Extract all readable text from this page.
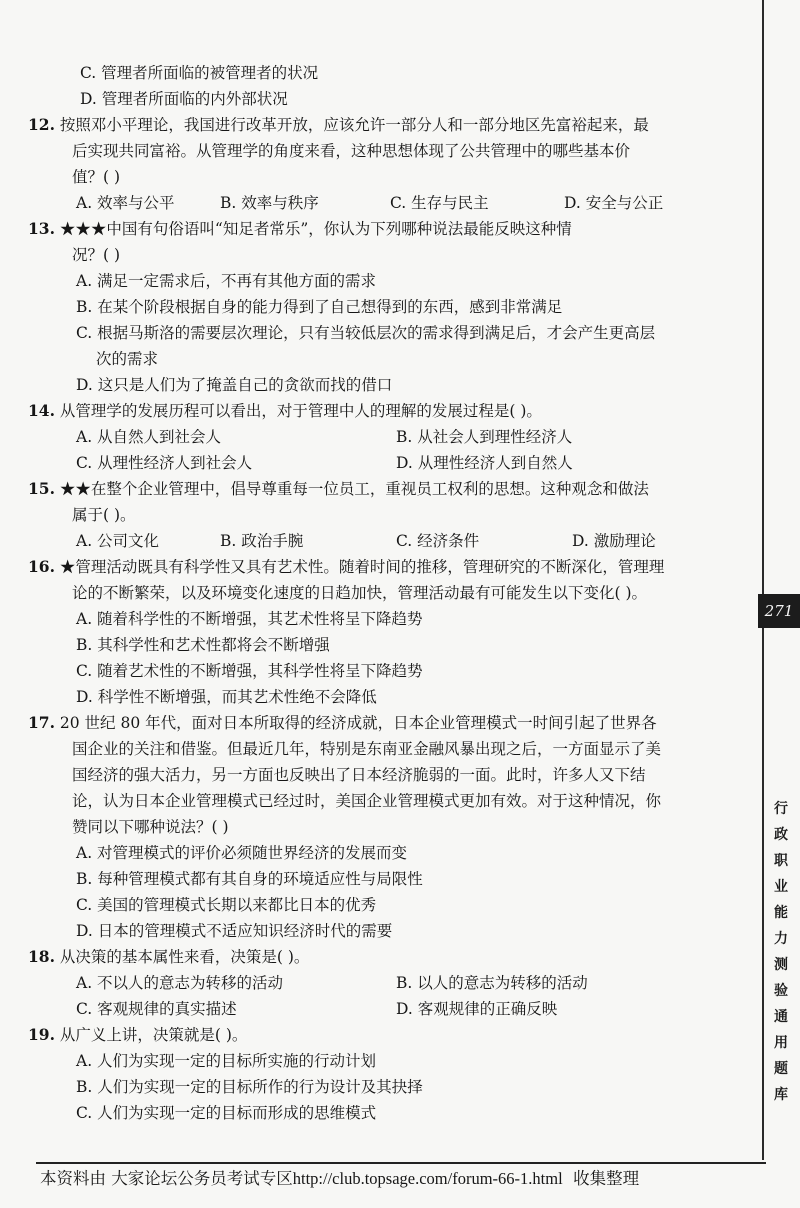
C. 管理者所面临的被管理者的状况
D. 管理者所面临的内外部状况
12. 按照邓小平理论，我国进行改革开放，应该允许一部分人和一部分地区先富裕起来，最
后实现共同富裕。从管理学的角度来看，这种思想体现了公共管理中的哪些基本价
值？( )
A. 效率与公平	B. 效率与秩序	C. 生存与民主	D. 安全与公正
13. ★★★中国有句俗语叫“知足者常乐”，你认为下列哪种说法最能反映这种情
况？( )
A. 满足一定需求后，不再有其他方面的需求
B. 在某个阶段根据自身的能力得到了自己想得到的东西，感到非常满足
C. 根据马斯洛的需要层次理论，只有当较低层次的需求得到满足后，才会产生更高层
次的需求
D. 这只是人们为了掩盖自己的贪欲而找的借口
14. 从管理学的发展历程可以看出，对于管理中人的理解的发展过程是( )。
A. 从自然人到社会人	B. 从社会人到理性经济人
C. 从理性经济人到社会人	D. 从理性经济人到自然人
15. ★★在整个企业管理中，倡导尊重每一位员工，重视员工权利的思想。这种观念和做法
属于( )。
A. 公司文化	B. 政治手腕	C. 经济条件	D. 激励理论
16. ★管理活动既具有科学性又具有艺术性。随着时间的推移，管理研究的不断深化，管理理
论的不断繁荣，以及环境变化速度的日趋加快，管理活动最有可能发生以下变化( )。
A. 随着科学性的不断增强，其艺术性将呈下降趋势
B. 其科学性和艺术性都将会不断增强
C. 随着艺术性的不断增强，其科学性将呈下降趋势
D. 科学性不断增强，而其艺术性绝不会降低
17. 20 世纪 80 年代，面对日本所取得的经济成就，日本企业管理模式一时间引起了世界各
国企业的关注和借鉴。但最近几年，特别是东南亚金融风暴出现之后，一方面显示了美
国经济的强大活力，另一方面也反映出了日本经济脆弱的一面。此时，许多人又下结
论，认为日本企业管理模式已经过时，美国企业管理模式更加有效。对于这种情况，你
赞同以下哪种说法？( )
A. 对管理模式的评价必须随世界经济的发展而变
B. 每种管理模式都有其自身的环境适应性与局限性
C. 美国的管理模式长期以来都比日本的优秀
D. 日本的管理模式不适应知识经济时代的需要
18. 从决策的基本属性来看，决策是( )。
A. 不以人的意志为转移的活动	B. 以人的意志为转移的活动
C. 客观规律的真实描述	D. 客观规律的正确反映
19. 从广义上讲，决策就是( )。
A. 人们为实现一定的目标所实施的行动计划
B. 人们为实现一定的目标所作的行为设计及其抉择
C. 人们为实现一定的目标而形成的思维模式
271
行
政
职
业
能
力
测
验
通
用
题
库
本资料由 大家论坛公务员考试专区http://club.topsage.com/forum-66-1.html 收集整理
